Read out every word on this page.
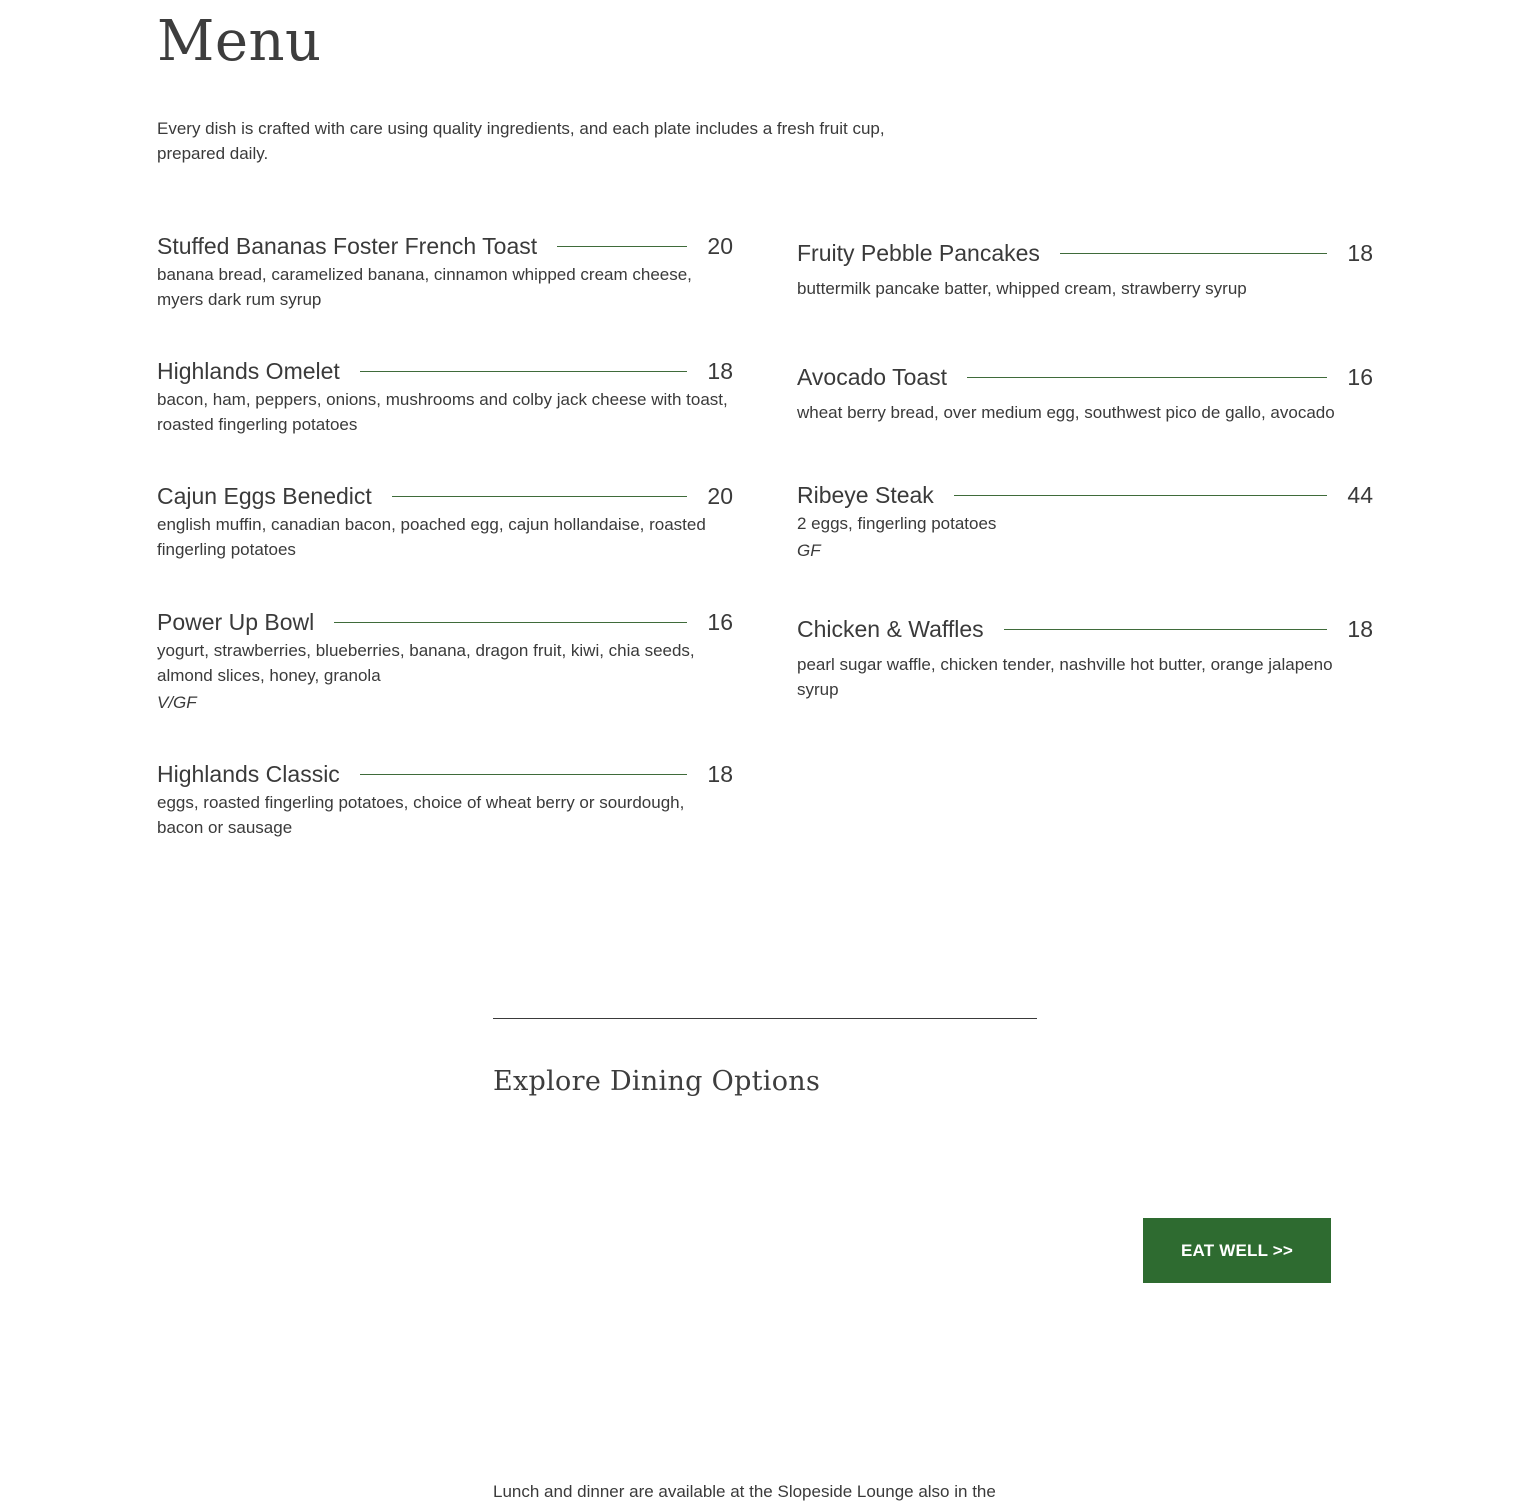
Menu

Every dish is crafted with care using quality ingredients, and each plate includes a fresh fruit cup, prepared daily.

Stuffed Bananas Foster French Toast	20

banana bread, caramelized banana, cinnamon whipped cream cheese, myers dark rum syrup

Highlands Omelet	18

bacon, ham, peppers, onions, mushrooms and colby jack cheese with toast, roasted fingerling potatoes

Cajun Eggs Benedict	20

english muffin, canadian bacon, poached egg, cajun hollandaise, roasted fingerling potatoes

Power Up Bowl	16

yogurt, strawberries, blueberries, banana, dragon fruit, kiwi, chia seeds, almond slices, honey, granola

V/GF

Highlands Classic	18

eggs, roasted fingerling potatoes, choice of wheat berry or sourdough, bacon or sausage

Fruity Pebble Pancakes	18

buttermilk pancake batter, whipped cream, strawberry syrup

Avocado Toast	16

wheat berry bread, over medium egg, southwest pico de gallo, avocado

Ribeye Steak	44

2 eggs, fingerling potatoes

GF

Chicken & Waffles	18

pearl sugar waffle, chicken tender, nashville hot butter, orange jalapeno syrup

Explore Dining Options
EAT WELL >>

Lunch and dinner are available at the Slopeside Lounge also in the
